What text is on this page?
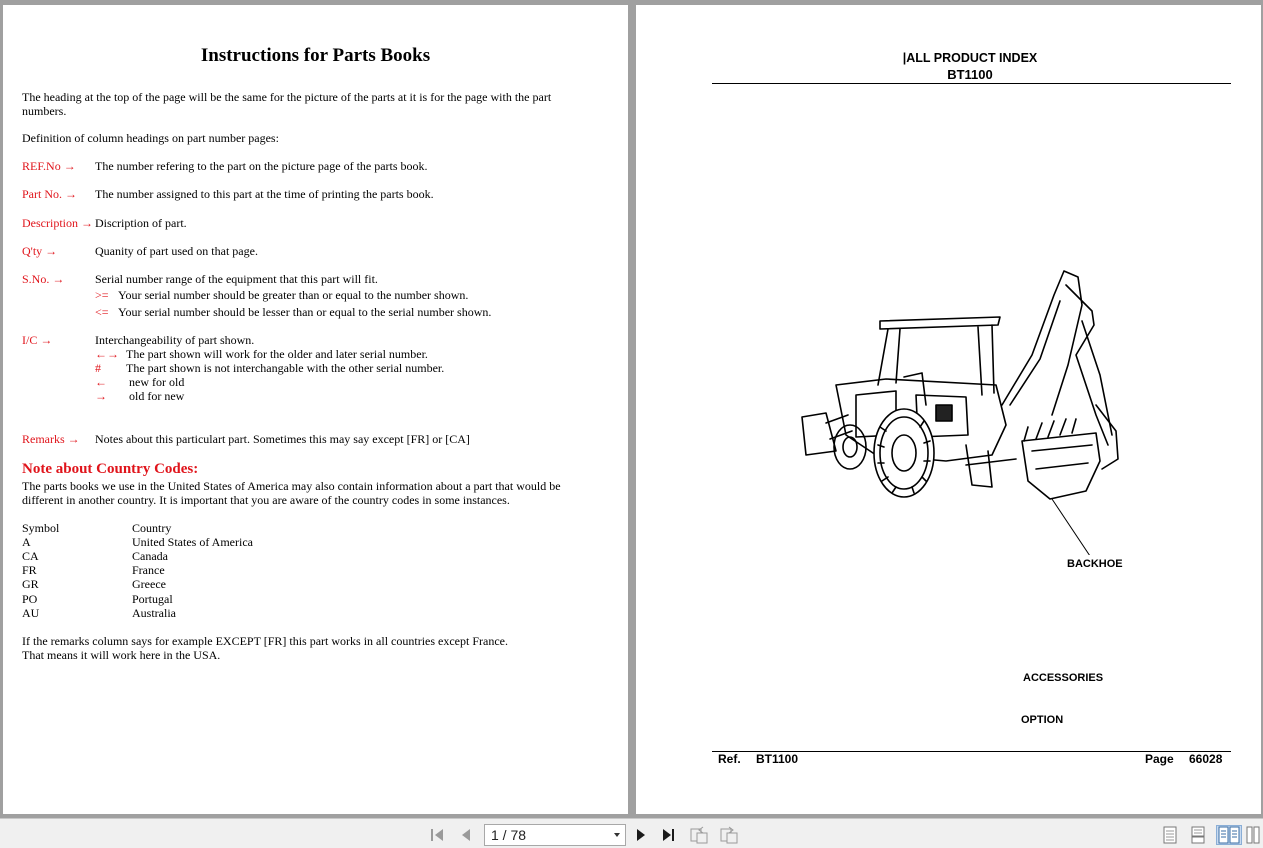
Instructions for Parts Books
The heading at the top of the page will be the same for the picture of the parts at it is for the page with the part numbers.
Definition of column headings on part number pages:
REF.No → The number refering to the part on the picture page of the parts book.
Part No. → The number assigned to this part at the time of printing the parts book.
Description → Discription of part.
Q'ty →	Quanity of part used on that page.
S.No. →	Serial number range of the equipment that this part will fit.
>= Your serial number should be greater than or equal to the number shown.
<= Your serial number should be lesser than or equal to the serial number shown.
I/C →	Interchangeability of part shown.
←→ The part shown will work for the older and later serial number.
# The part shown is not interchangable with the other serial number.
← new for old
→ old for new
Remarks → Notes about this particulart part. Sometimes this may say except [FR] or [CA]
Note about Country Codes:
The parts books we use in the United States of America may also contain information about a part that would be different in another country. It is important that you are aware of the country codes in some instances.
Symbol	Country
A	United States of America
CA	Canada
FR	France
GR	Greece
PO	Portugal
AU	Australia
If the remarks column says for example EXCEPT [FR] this part works in all countries except France.
That means it will work here in the USA.
|ALL PRODUCT INDEX
BT1100
BACKHOE
ACCESSORIES
OPTION
Ref. BT1100	Page 66028
1 / 78
